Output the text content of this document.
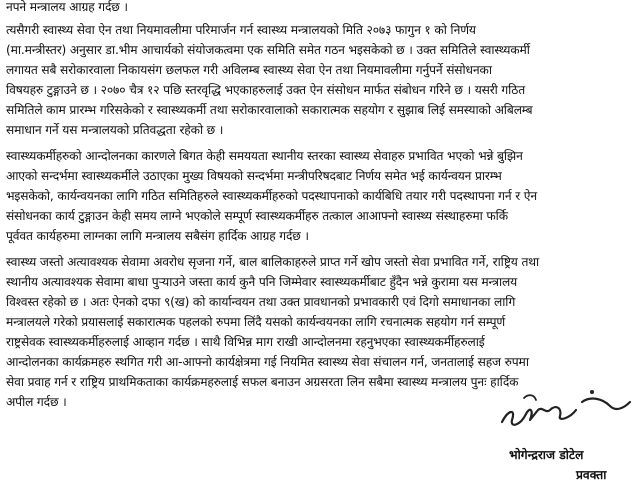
नपने मन्त्रालय आग्रह गर्दछ ।
त्यसैगरी स्वास्थ्य सेवा ऐन तथा नियमावलीमा परिमार्जन गर्न स्वास्थ्य मन्त्रालयको मिति २०७३ फागुन १ को निर्णय
(मा.मन्त्रीस्तर) अनुसार डा.भीम आचार्यको संयोजकत्वमा एक समिति समेत गठन भइसकेको छ । उक्त समितिले स्वास्थ्यकर्मी
लगायत सबै सरोकारवाला निकायसंग छलफल गरी अविलम्ब स्वास्थ्य सेवा ऐन तथा नियमावलीमा गर्नुपर्ने संसोधनका
विषयहरु टुङ्गाउने छ । २०७० चैत्र १२ पछि स्तरवृद्धि भएकाहरुलाई उक्त ऐन संसोधन मार्फत संबोधन गरिने छ । यसरी गठित
समितिले काम प्रारम्भ गरिसकेको र स्वास्थ्यकर्मी तथा सरोकारवालाको सकारात्मक सहयोग र सुझाब लिई समस्याको अबिलम्ब
समाधान गर्ने यस मन्त्रालयको प्रतिवद्धता रहेको छ ।
स्वास्थ्यकर्मीहरुको आन्दोलनका कारणले बिगत केही समययता स्थानीय स्तरका स्वास्थ्य सेवाहरु प्रभावित भएको भन्ने बुझिन
आएको सन्दर्भमा स्वास्थ्यकर्मीले उठाएका मुख्य विषयको सन्दर्भमा मन्त्रीपरिषदबाट निर्णय समेत भई कार्यन्वयन प्रारम्भ
भइसकेको, कार्यन्वयनका लागि गठित समितिहरुले स्वास्थ्यकर्मीहरुको पदस्थापनाको कार्यबिधि तयार गरी पदस्थापना गर्न र ऐन
संसोधनका कार्य टुङ्गाउन केही समय लाग्ने भएकोले सम्पूर्ण स्वास्थ्यकर्मीहरु तत्काल आआफ्नो स्वास्थ्य संस्थाहरुमा फर्कि
पूर्ववत कार्यहरुमा लाग्नका लागि मन्त्रालय सबैसंग हार्दिक आग्रह गर्दछ ।
स्वास्थ्य जस्तो अत्यावश्यक सेवामा अवरोध सृजना गर्ने, बाल बालिकाहरुले प्राप्त गर्ने खोप जस्तो सेवा प्रभावित गर्ने, राष्ट्रिय तथा
स्थानीय अत्यावश्यक सेवामा बाधा पुर्‍याउने जस्ता कार्य कुनै पनि जिम्मेवार स्वास्थ्यकर्मीबाट हुँदैन भन्ने कुरामा यस मन्त्रालय
विश्वस्त रहेको छ । अतः ऐनको दफा ९(ख) को कार्यान्वयन तथा उक्त प्रावधानको प्रभावकारी एवं दिगो समाधानका लागि
मन्त्रालयले गरेको प्रयासलाई सकारात्मक पहलको रुपमा लिंदै यसको कार्यन्वयनका लागि रचनात्मक सहयोग गर्न सम्पूर्ण
राष्ट्रसेवक स्वास्थ्यकर्मीहरुलाई आव्हान गर्दछ । साथै विभिन्न माग राखी आन्दोलनमा रहनुभएका स्वास्थ्यकर्मीहरुलाई
आन्दोलनका कार्यक्रमहरु स्थगित गरी आ-आफ्नो कार्यक्षेत्रमा गई नियमित स्वास्थ्य सेवा संचालन गर्न, जनतालाई सहज रुपमा
सेवा प्रवाह गर्न र राष्ट्रिय प्राथमिकताका कार्यक्रमहरुलाई सफल बनाउन अग्रसरता लिन सबैमा स्वास्थ्य मन्त्रालय पुनः हार्दिक
अपील गर्दछ ।
भोगेन्द्रराज डोटेल
प्रवक्ता
